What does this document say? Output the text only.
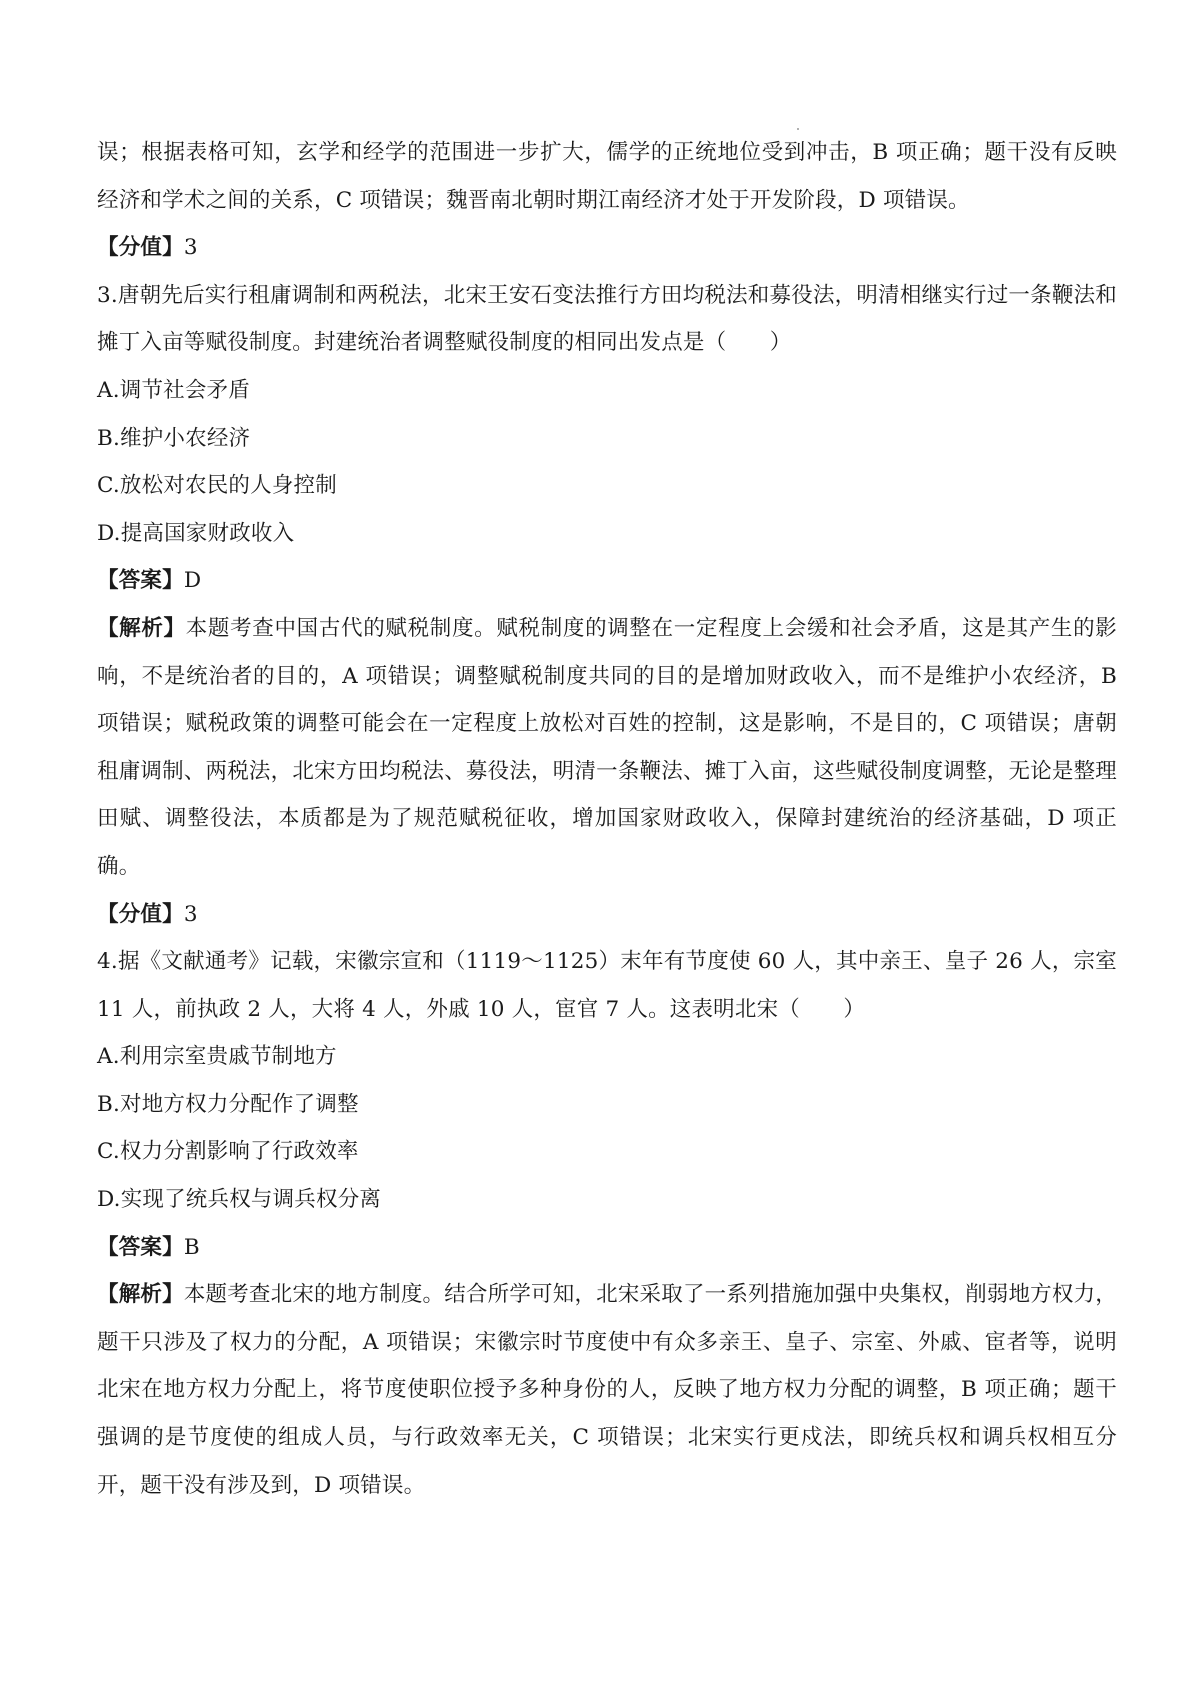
误；根据表格可知，玄学和经学的范围进一步扩大，儒学的正统地位受到冲击，B 项正确；题干没有反映经济和学术之间的关系，C 项错误；魏晋南北朝时期江南经济才处于开发阶段，D 项错误。

【分值】3

3.唐朝先后实行租庸调制和两税法，北宋王安石变法推行方田均税法和募役法，明清相继实行过一条鞭法和摊丁入亩等赋役制度。封建统治者调整赋役制度的相同出发点是（　　）

A.调节社会矛盾

B.维护小农经济

C.放松对农民的人身控制

D.提高国家财政收入

【答案】D

【解析】本题考查中国古代的赋税制度。赋税制度的调整在一定程度上会缓和社会矛盾，这是其产生的影响，不是统治者的目的，A 项错误；调整赋税制度共同的目的是增加财政收入，而不是维护小农经济，B 项错误；赋税政策的调整可能会在一定程度上放松对百姓的控制，这是影响，不是目的，C 项错误；唐朝租庸调制、两税法，北宋方田均税法、募役法，明清一条鞭法、摊丁入亩，这些赋役制度调整，无论是整理田赋、调整役法，本质都是为了规范赋税征收，增加国家财政收入，保障封建统治的经济基础，D 项正确。

【分值】3

4.据《文献通考》记载，宋徽宗宣和（1119～1125）末年有节度使 60 人，其中亲王、皇子 26 人，宗室 11 人，前执政 2 人，大将 4 人，外戚 10 人，宦官 7 人。这表明北宋（　　）

A.利用宗室贵戚节制地方

B.对地方权力分配作了调整

C.权力分割影响了行政效率

D.实现了统兵权与调兵权分离

【答案】B

【解析】本题考查北宋的地方制度。结合所学可知，北宋采取了一系列措施加强中央集权，削弱地方权力，题干只涉及了权力的分配，A 项错误；宋徽宗时节度使中有众多亲王、皇子、宗室、外戚、宦者等，说明北宋在地方权力分配上，将节度使职位授予多种身份的人，反映了地方权力分配的调整，B 项正确；题干强调的是节度使的组成人员，与行政效率无关，C 项错误；北宋实行更戍法，即统兵权和调兵权相互分开，题干没有涉及到，D 项错误。
